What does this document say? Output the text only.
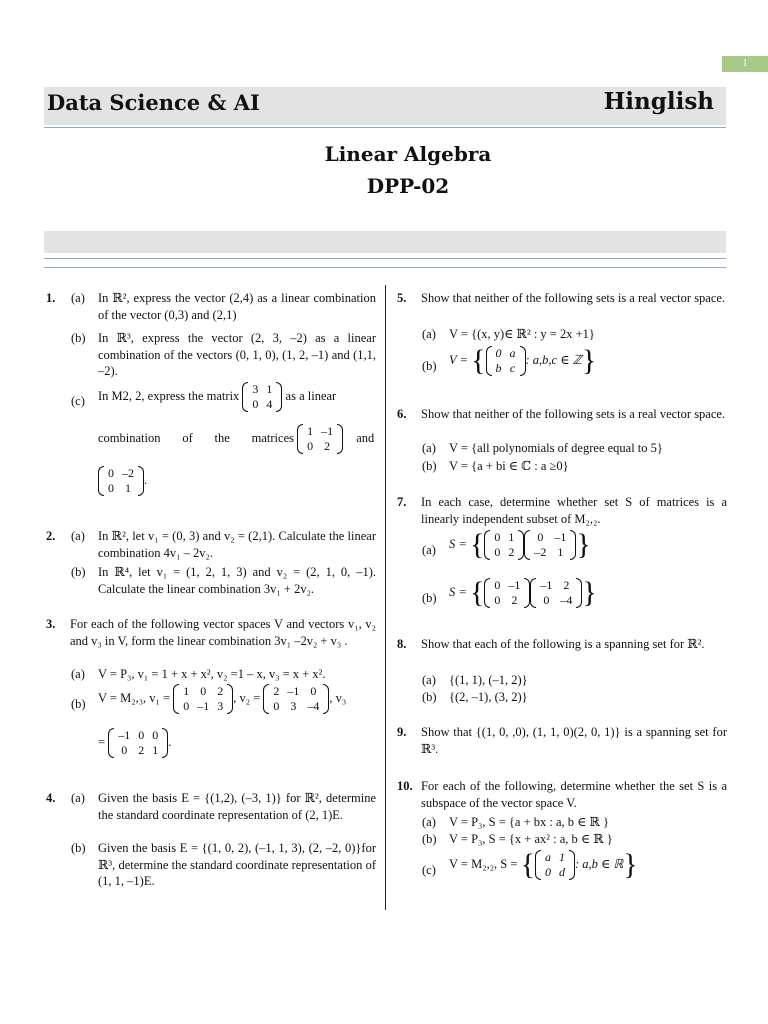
1
Data Science & AI	Hinglish
Linear Algebra
DPP-02
1. (a) In ℝ², express the vector (2,4) as a linear combination of the vector (0,3) and (2,1)
(b) In ℝ³, express the vector (2, 3, –2) as a linear combination of the vectors (0, 1, 0), (1, 2, –1) and (1,1, –2).
(c) In M2, 2, express the matrix 3	1
0	4
as a linear
combination of the matrices 1	–1
0	2
and
0	–2
0	1
.
2. (a) In ℝ², let v₁ = (0, 3) and v₂ = (2,1). Calculate the linear combination 4v₁ – 2v₂.
(b) In ℝ⁴, let v₁ = (1, 2, 1, 3) and v₂ = (2, 1, 0, –1). Calculate the linear combination 3v₁ + 2v₂.
3. For each of the following vector spaces V and vectors v₁, v₂ and v₃ in V, form the linear combination 3v₁ –2v₂ + v₃ .
(a) V = P₃, v₁ = 1 + x + x², v₂ =1 – x, v₃ = x + x².
(b) V = M₂,₃, v₁ = 1	0	2
0	–1	3
, v₂ = 2	–1	0
0	3	–4
, v₃
= –1	0	0
0	2	1
.
4. (a) Given the basis E = {(1,2), (–3, 1)} for ℝ², determine the standard coordinate representation of (2, 1)E.
(b) Given the basis E = {(1, 0, 2), (–1, 1, 3), (2, –2, 0)}for ℝ³, determine the standard coordinate representation of (1, 1, –1)E.
5. Show that neither of the following sets is a real vector space.
(a) V = {(x, y)∈ ℝ² : y = 2x +1}
(b) V = { 0	a
b	c
: a,b,c ∈ ℤ}
6. Show that neither of the following sets is a real vector space.
(a) V = {all polynomials of degree equal to 5}
(b) V = {a + bi ∈ ℂ : a ≥0}
7. In each case, determine whether set S of matrices is a linearly independent subset of M₂,₂.
(a) S = { 0	1
0	2
0	–1
–2	1 }
(b) S = { 0	–1
0	2
–1	2
0	–4 }
8. Show that each of the following is a spanning set for ℝ².
(a) {(1, 1), (–1, 2)}
(b) {(2, –1), (3, 2)}
9. Show that {(1, 0, ,0), (1, 1, 0)(2, 0, 1)} is a spanning set for ℝ³.
10. For each of the following, determine whether the set S is a subspace of the vector space V.
(a) V = P₃, S = {a + bx : a, b ∈ ℝ }
(b) V = P₃, S = {x + ax² : a, b ∈ ℝ }
(c) V = M₂,₂, S = { a	1
0	d
: a,b ∈ ℝ}
